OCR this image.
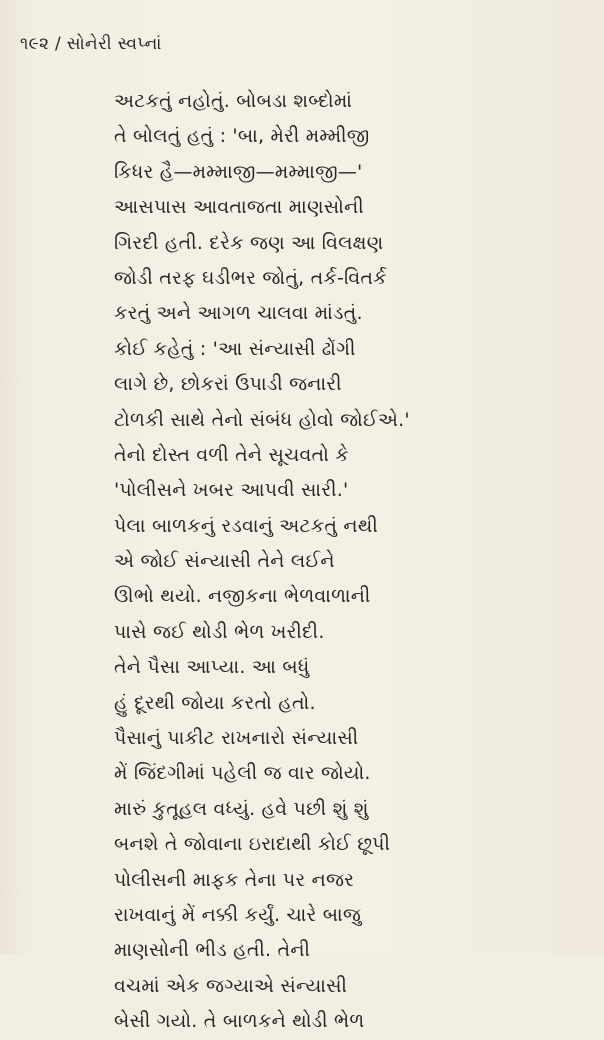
૧૯૨ / સોનેરી સ્વપ્નાં
અટકતું નહોતું. બોબડા શબ્દોમાં
તે બોલતું હતું : 'બા, મેરી મમ્મીજી
કિધર હૈ—મમ્માજી—મમ્માજી—'
આસપાસ આવતાજતા માણસોની
ગિરદી હતી. દરેક જણ આ વિલક્ષણ
જોડી તરફ ઘડીભર જોતું, તર્ક-વિતર્ક
કરતું અને આગળ ચાલવા માંડતું.
કોઈ કહેતું : 'આ સંન્યાસી ઢોંગી
લાગે છે, છોકરાં ઉપાડી જનારી
ટોળકી સાથે તેનો સંબંધ હોવો જોઈએ.'
તેનો દોસ્ત વળી તેને સૂચવતો કે
'પોલીસને ખબર આપવી સારી.'
પેલા બાળકનું રડવાનું અટકતું નથી
એ જોઈ સંન્યાસી તેને લઈને
ઊભો થયો. નજીકના ભેળવાળાની
પાસે જઈ થોડી ભેળ ખરીદી.
તેને પૈસા આપ્યા. આ બધું
હું દૂરથી જોયા કરતો હતો.
પૈસાનું પાકીટ રાખનારો સંન્યાસી
મેં જિંદગીમાં પહેલી જ વાર જોયો.
મારું કુતૂહલ વધ્યું. હવે પછી શું શું
બનશે તે જોવાના ઇરાદાથી કોઈ છૂપી
પોલીસની માફક તેના પર નજર
રાખવાનું મેં નક્કી કર્યું. ચારે બાજુ
માણસોની ભીડ હતી. તેની
વચમાં એક જગ્યાએ સંન્યાસી
બેસી ગયો. તે બાળકને થોડી ભેળ
